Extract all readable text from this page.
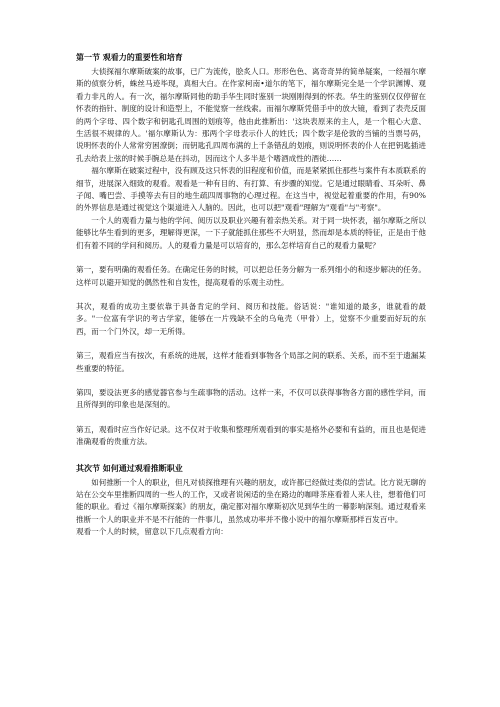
第一节 观看力的重要性和培育

大侦探福尔摩斯破案的故事，已广为流传，脍炙人口。形形色色、离奇奇异的简单疑案，一经福尔摩斯的侦察分析，蛛丝马迹毕现，真相大白。在作家柯南•道尔的笔下，福尔摩斯完全是一个学识渊博、观看力非凡的人。有一次，福尔摩斯同他的助手华生同时鉴别一块刚刚得到的怀表。华生的鉴别仅仅停留在怀表的指针、制度的设计和造型上，不能觉察一丝线索。而福尔摩斯凭借手中的放大镜，看到了表壳反面的两个字母、四个数字和钥匙孔周围的划痕等，他由此推断出：'这块表原来的主人，是一个粗心大意、生活很不规律的人。'福尔摩斯认为：那两个字母表示仆人的姓氏；四个数字是伦敦的当铺的当票号码，说明怀表的仆人常常穷困潦倒；而钥匙孔四周布满的上千条错乱的划痕，则说明怀表的仆人在把钥匙插进孔去给表上弦的时候手腕总是在抖动，因而这个人多半是个嗜酒成性的酒徒……

福尔摩斯在破案过程中，没有顾及这只怀表的旧程度和价值，而是紧紧抓住那些与案件有本质联系的细节，进展深入细致的观看。观看是一种有目的、有打算、有步骤的知觉。它是通过眼睛看、耳朵听、鼻子闻、嘴巴尝、手摸等去有目的地生疏四周事物的心理过程。在这当中，视觉起着重要的作用，有90%的外界信息是通过视觉这个渠道进入人脑的。因此，也可以把"观看"理解为"观看"与"考察"。

一个人的观看力量与他的学问、阅历以及职业兴趣有着亲热关系。对于同一块怀表，福尔摩斯之所以能够比华生看到的更多，理解得更深，一下子就能抓住那些不大明显，然而却是本质的特征，正是由于他们有着不同的学问和阅历。人的观看力量是可以培育的，那么怎样培育自己的观看力量呢？

第一，要有明确的观看任务。在确定任务的时候，可以把总任务分解为一系列细小的和逐步解决的任务。这样可以避开知觉的偶然性和自发性，提高观看的乐观主动性。

其次，观看的成功主要依靠于具备肯定的学问、阅历和技能。俗话说："谁知道的最多，谁就看的最多。"一位富有学识的考古学家，能够在一片残缺不全的乌龟壳（甲骨）上，觉察不少重要而好玩的东西，而一个门外汉，却一无所得。

第三，观看应当有按次，有系统的进展，这样才能看到事物各个局部之间的联系、关系，而不至于遗漏某些重要的特征。

第四，要设法更多的感觉器官参与生疏事物的活动。这样一来，不仅可以获得事物各方面的感性学问，而且所得到的印象也是深刻的。

第五，观看时应当作好记录。这不仅对于收集和整理所观看到的事实是格外必要和有益的，而且也是促进准确观看的贵重方法。

其次节 如何通过观看推断职业

如何推断一个人的职业，但凡对侦探推理有兴趣的朋友，或许都已经做过类似的尝试。比方说无聊的站在公交车里推断四周的一些人的工作，又或者说闲适的坐在路边的咖啡茶座看着人来人往，想着他们可能的职业。看过《福尔摩斯探案》的朋友，确定都对福尔摩斯初次见到华生的一幕影响深刻。通过观看来推断一个人的职业并不是不行能的一件事儿，虽然成功率并不像小说中的福尔摩斯那样百发百中。

观看一个人的时候，留意以下几点观看方向：
